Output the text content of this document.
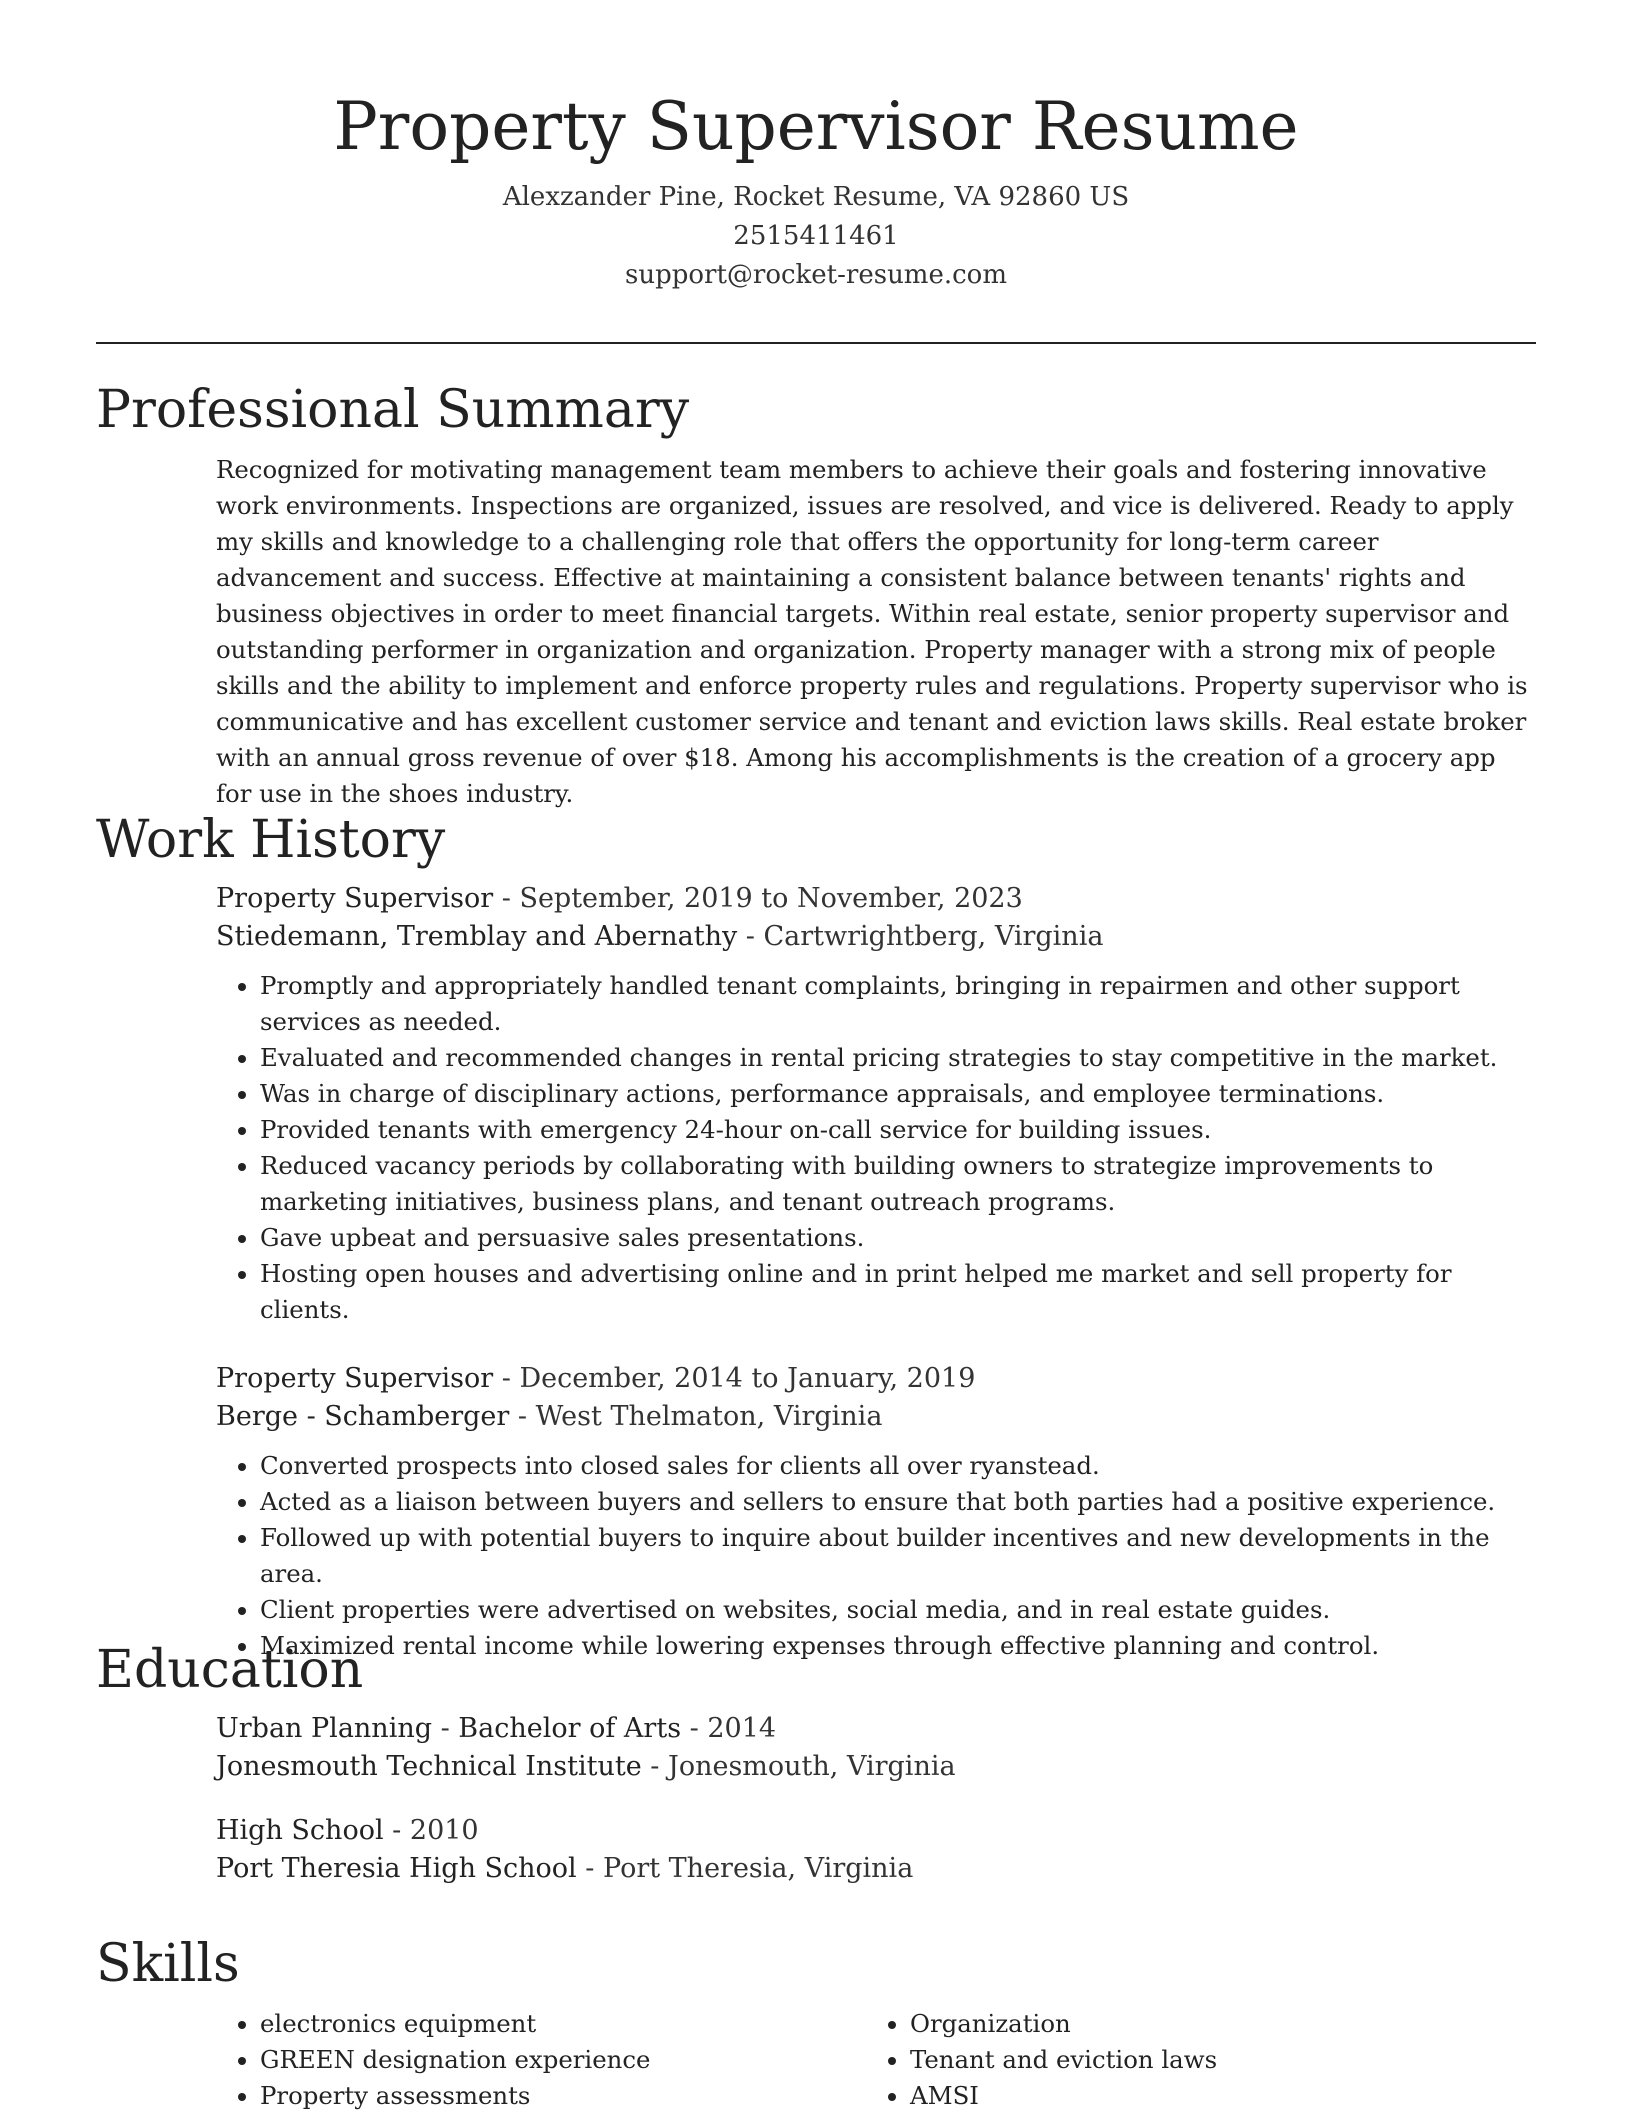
Property Supervisor Resume
Alexzander Pine, Rocket Resume, VA 92860 US
2515411461
support@rocket-resume.com
Professional Summary

Recognized for motivating management team members to achieve their goals and fostering innovative work environments. Inspections are organized, issues are resolved, and vice is delivered. Ready to apply my skills and knowledge to a challenging role that offers the opportunity for long-term career advancement and success. Effective at maintaining a consistent balance between tenants' rights and business objectives in order to meet financial targets. Within real estate, senior property supervisor and outstanding performer in organization and organization. Property manager with a strong mix of people skills and the ability to implement and enforce property rules and regulations. Property supervisor who is communicative and has excellent customer service and tenant and eviction laws skills. Real estate broker with an annual gross revenue of over $18. Among his accomplishments is the creation of a grocery app for use in the shoes industry.

Work History
Property Supervisor - September, 2019 to November, 2023
Stiedemann, Tremblay and Abernathy - Cartwrightberg, Virginia
• Promptly and appropriately handled tenant complaints, bringing in repairmen and other support services as needed.
• Evaluated and recommended changes in rental pricing strategies to stay competitive in the market.
• Was in charge of disciplinary actions, performance appraisals, and employee terminations.
• Provided tenants with emergency 24-hour on-call service for building issues.
• Reduced vacancy periods by collaborating with building owners to strategize improvements to marketing initiatives, business plans, and tenant outreach programs.
• Gave upbeat and persuasive sales presentations.
• Hosting open houses and advertising online and in print helped me market and sell property for clients.
Property Supervisor - December, 2014 to January, 2019
Berge - Schamberger - West Thelmaton, Virginia
• Converted prospects into closed sales for clients all over ryanstead.
• Acted as a liaison between buyers and sellers to ensure that both parties had a positive experience.
• Followed up with potential buyers to inquire about builder incentives and new developments in the area.
• Client properties were advertised on websites, social media, and in real estate guides.
• Maximized rental income while lowering expenses through effective planning and control.
Education
Urban Planning - Bachelor of Arts - 2014
Jonesmouth Technical Institute - Jonesmouth, Virginia
High School - 2010
Port Theresia High School - Port Theresia, Virginia
Skills
• electronics equipment
• GREEN designation experience
• Property assessments
• Organization
• Tenant and eviction laws
• AMSI
